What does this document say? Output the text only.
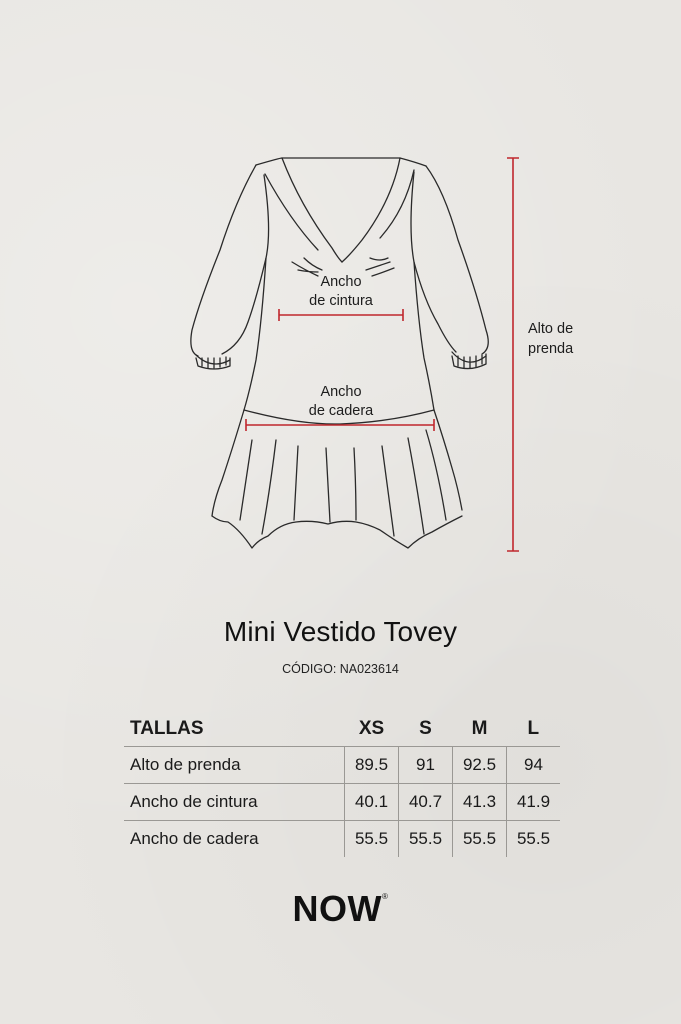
Ancho
de cintura
Ancho
de cadera
Alto de
prenda
Mini Vestido Tovey
CÓDIGO: NA023614
TALLAS	XS	S	M	L
Alto de prenda	89.5	91	92.5	94
Ancho de cintura	40.1	40.7	41.3	41.9
Ancho de cadera	55.5	55.5	55.5	55.5
NOW®
